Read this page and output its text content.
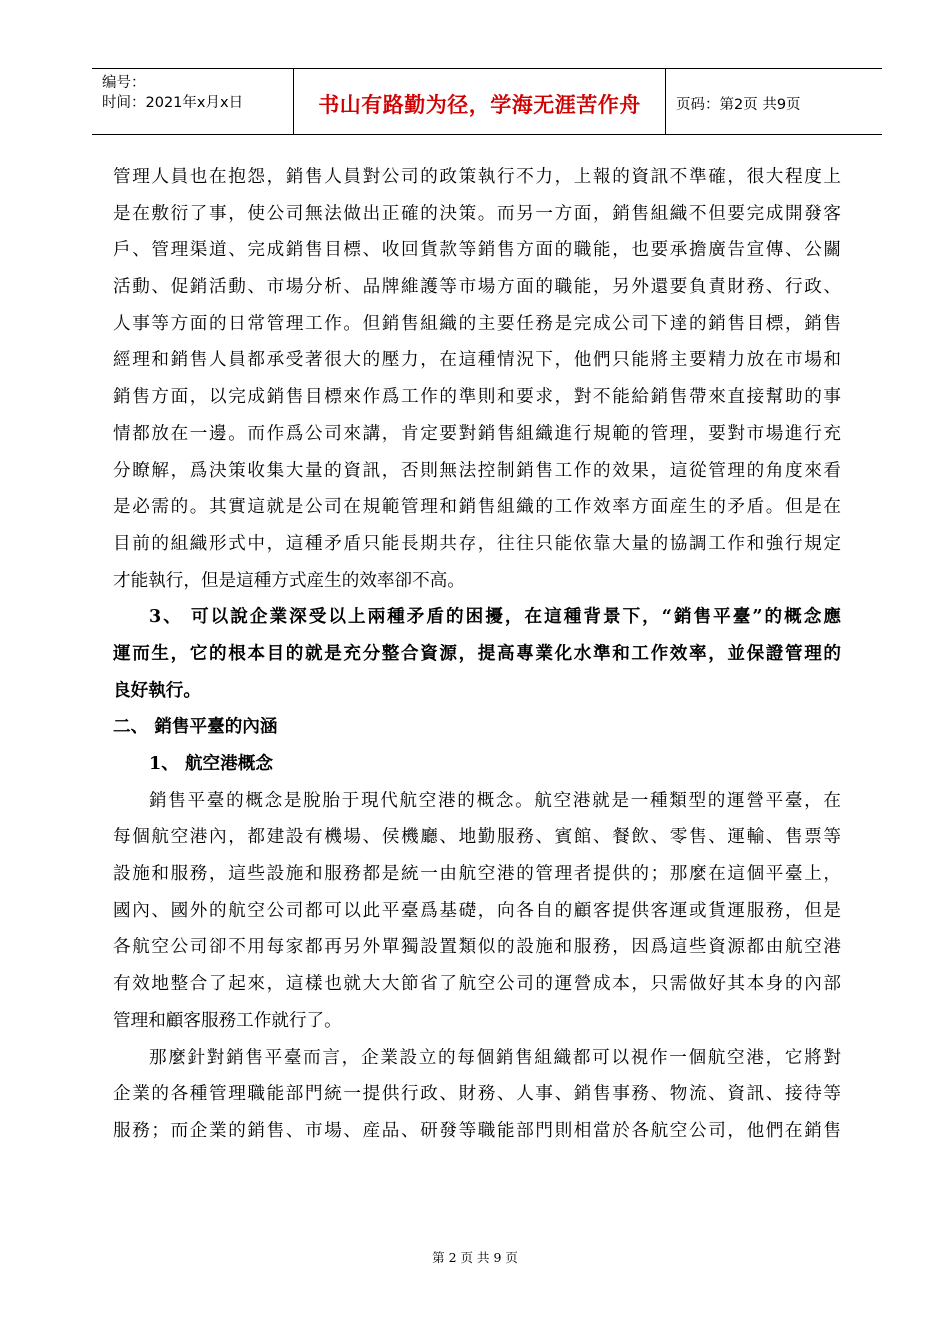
编号：
时间：2021年x月x日	书山有路勤为径，学海无涯苦作舟	页码：第2页 共9页
管理人員也在抱怨，銷售人員對公司的政策執行不力，上報的資訊不準確，很大程度上
是在敷衍了事，使公司無法做出正確的決策。而另一方面，銷售組織不但要完成開發客
戶、管理渠道、完成銷售目標、收回貨款等銷售方面的職能，也要承擔廣告宣傳、公關
活動、促銷活動、市場分析、品牌維護等市場方面的職能，另外還要負責財務、行政、
人事等方面的日常管理工作。但銷售組織的主要任務是完成公司下達的銷售目標，銷售
經理和銷售人員都承受著很大的壓力，在這種情況下，他們只能將主要精力放在市場和
銷售方面，以完成銷售目標來作爲工作的準則和要求，對不能給銷售帶來直接幫助的事
情都放在一邊。而作爲公司來講，肯定要對銷售組織進行規範的管理，要對市場進行充
分瞭解，爲決策收集大量的資訊，否則無法控制銷售工作的效果，這從管理的角度來看
是必需的。其實這就是公司在規範管理和銷售組織的工作效率方面産生的矛盾。但是在
目前的組織形式中，這種矛盾只能長期共存，往往只能依靠大量的協調工作和強行規定
才能執行，但是這種方式産生的效率卻不高。
3、 可以說企業深受以上兩種矛盾的困擾，在這種背景下，“銷售平臺”的概念應
運而生，它的根本目的就是充分整合資源，提高專業化水準和工作效率，並保證管理的
良好執行。
二、 銷售平臺的內涵
1、 航空港概念
銷售平臺的概念是脫胎于現代航空港的概念。航空港就是一種類型的運營平臺，在
每個航空港內，都建設有機場、侯機廳、地勤服務、賓館、餐飲、零售、運輸、售票等
設施和服務，這些設施和服務都是統一由航空港的管理者提供的；那麼在這個平臺上，
國內、國外的航空公司都可以此平臺爲基礎，向各自的顧客提供客運或貨運服務，但是
各航空公司卻不用每家都再另外單獨設置類似的設施和服務，因爲這些資源都由航空港
有效地整合了起來，這樣也就大大節省了航空公司的運營成本，只需做好其本身的內部
管理和顧客服務工作就行了。
那麼針對銷售平臺而言，企業設立的每個銷售組織都可以視作一個航空港，它將對
企業的各種管理職能部門統一提供行政、財務、人事、銷售事務、物流、資訊、接待等
服務；而企業的銷售、市場、産品、研發等職能部門則相當於各航空公司，他們在銷售
第 2 页 共 9 页
